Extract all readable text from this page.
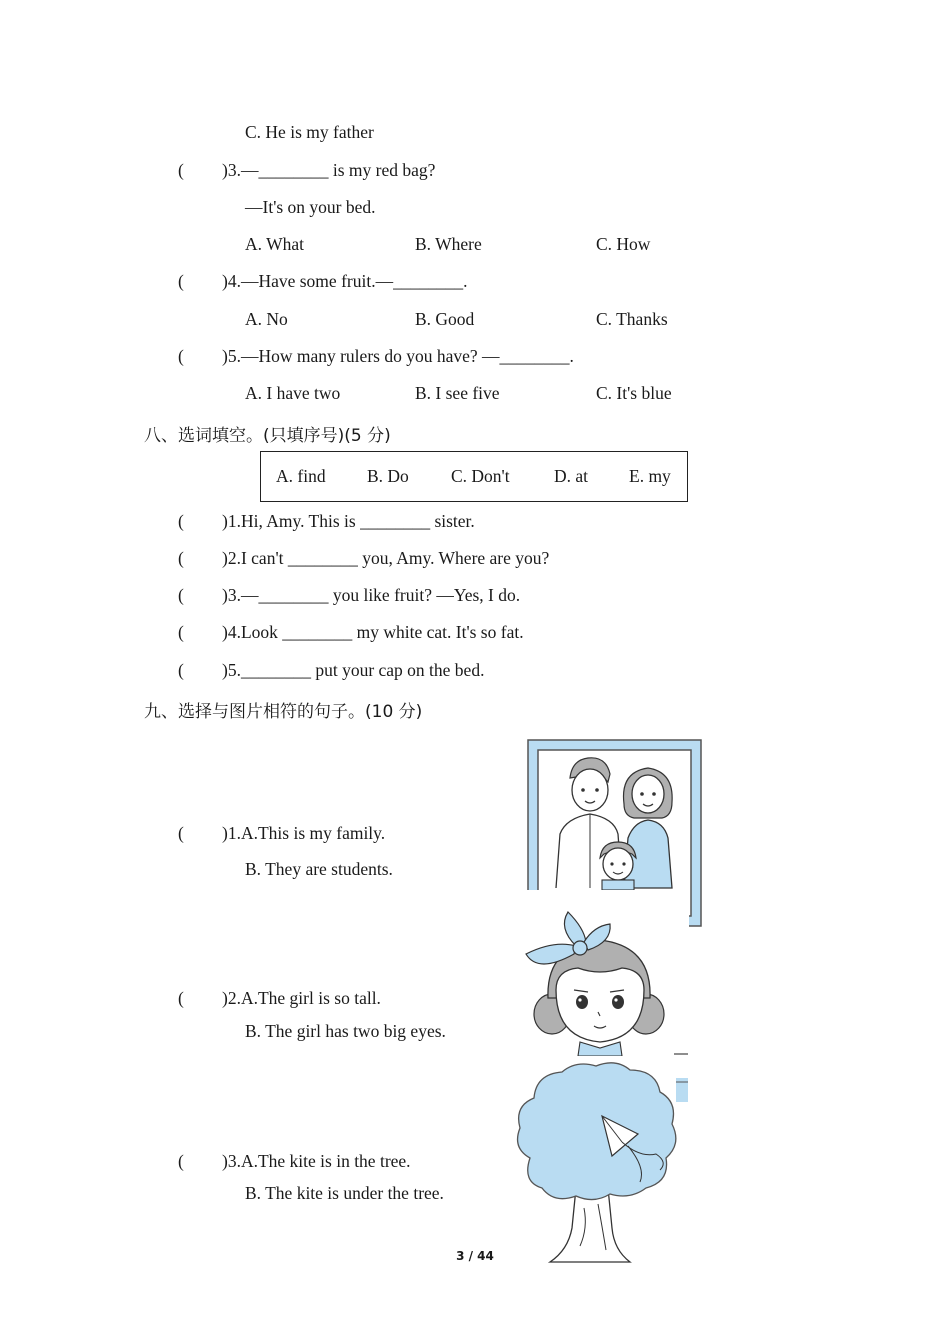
C. He is my father
( )3.—________ is my red bag?
—It's on your bed.
A. What	B. Where	C. How
( )4.—Have some fruit.—________.
A. No	B. Good	C. Thanks
( )5.—How many rulers do you have? —________.
A. I have two	B. I see five	C. It's blue
八、选词填空。(只填序号)(5 分)
A. find B. Do C. Don't	D. at E. my
( )1.Hi, Amy. This is ________ sister.
( )2.I can't ________ you, Amy. Where are you?
( )3.—________ you like fruit? —Yes, I do.
( )4.Look ________ my white cat. It's so fat.
( )5.________ put your cap on the bed.
九、选择与图片相符的句子。(10 分)
( )1.A.This is my family.
B. They are students.
( )2.A.The girl is so tall.
B. The girl has two big eyes.
( )3.A.The kite is in the tree.
B. The kite is under the tree.
3 / 44
